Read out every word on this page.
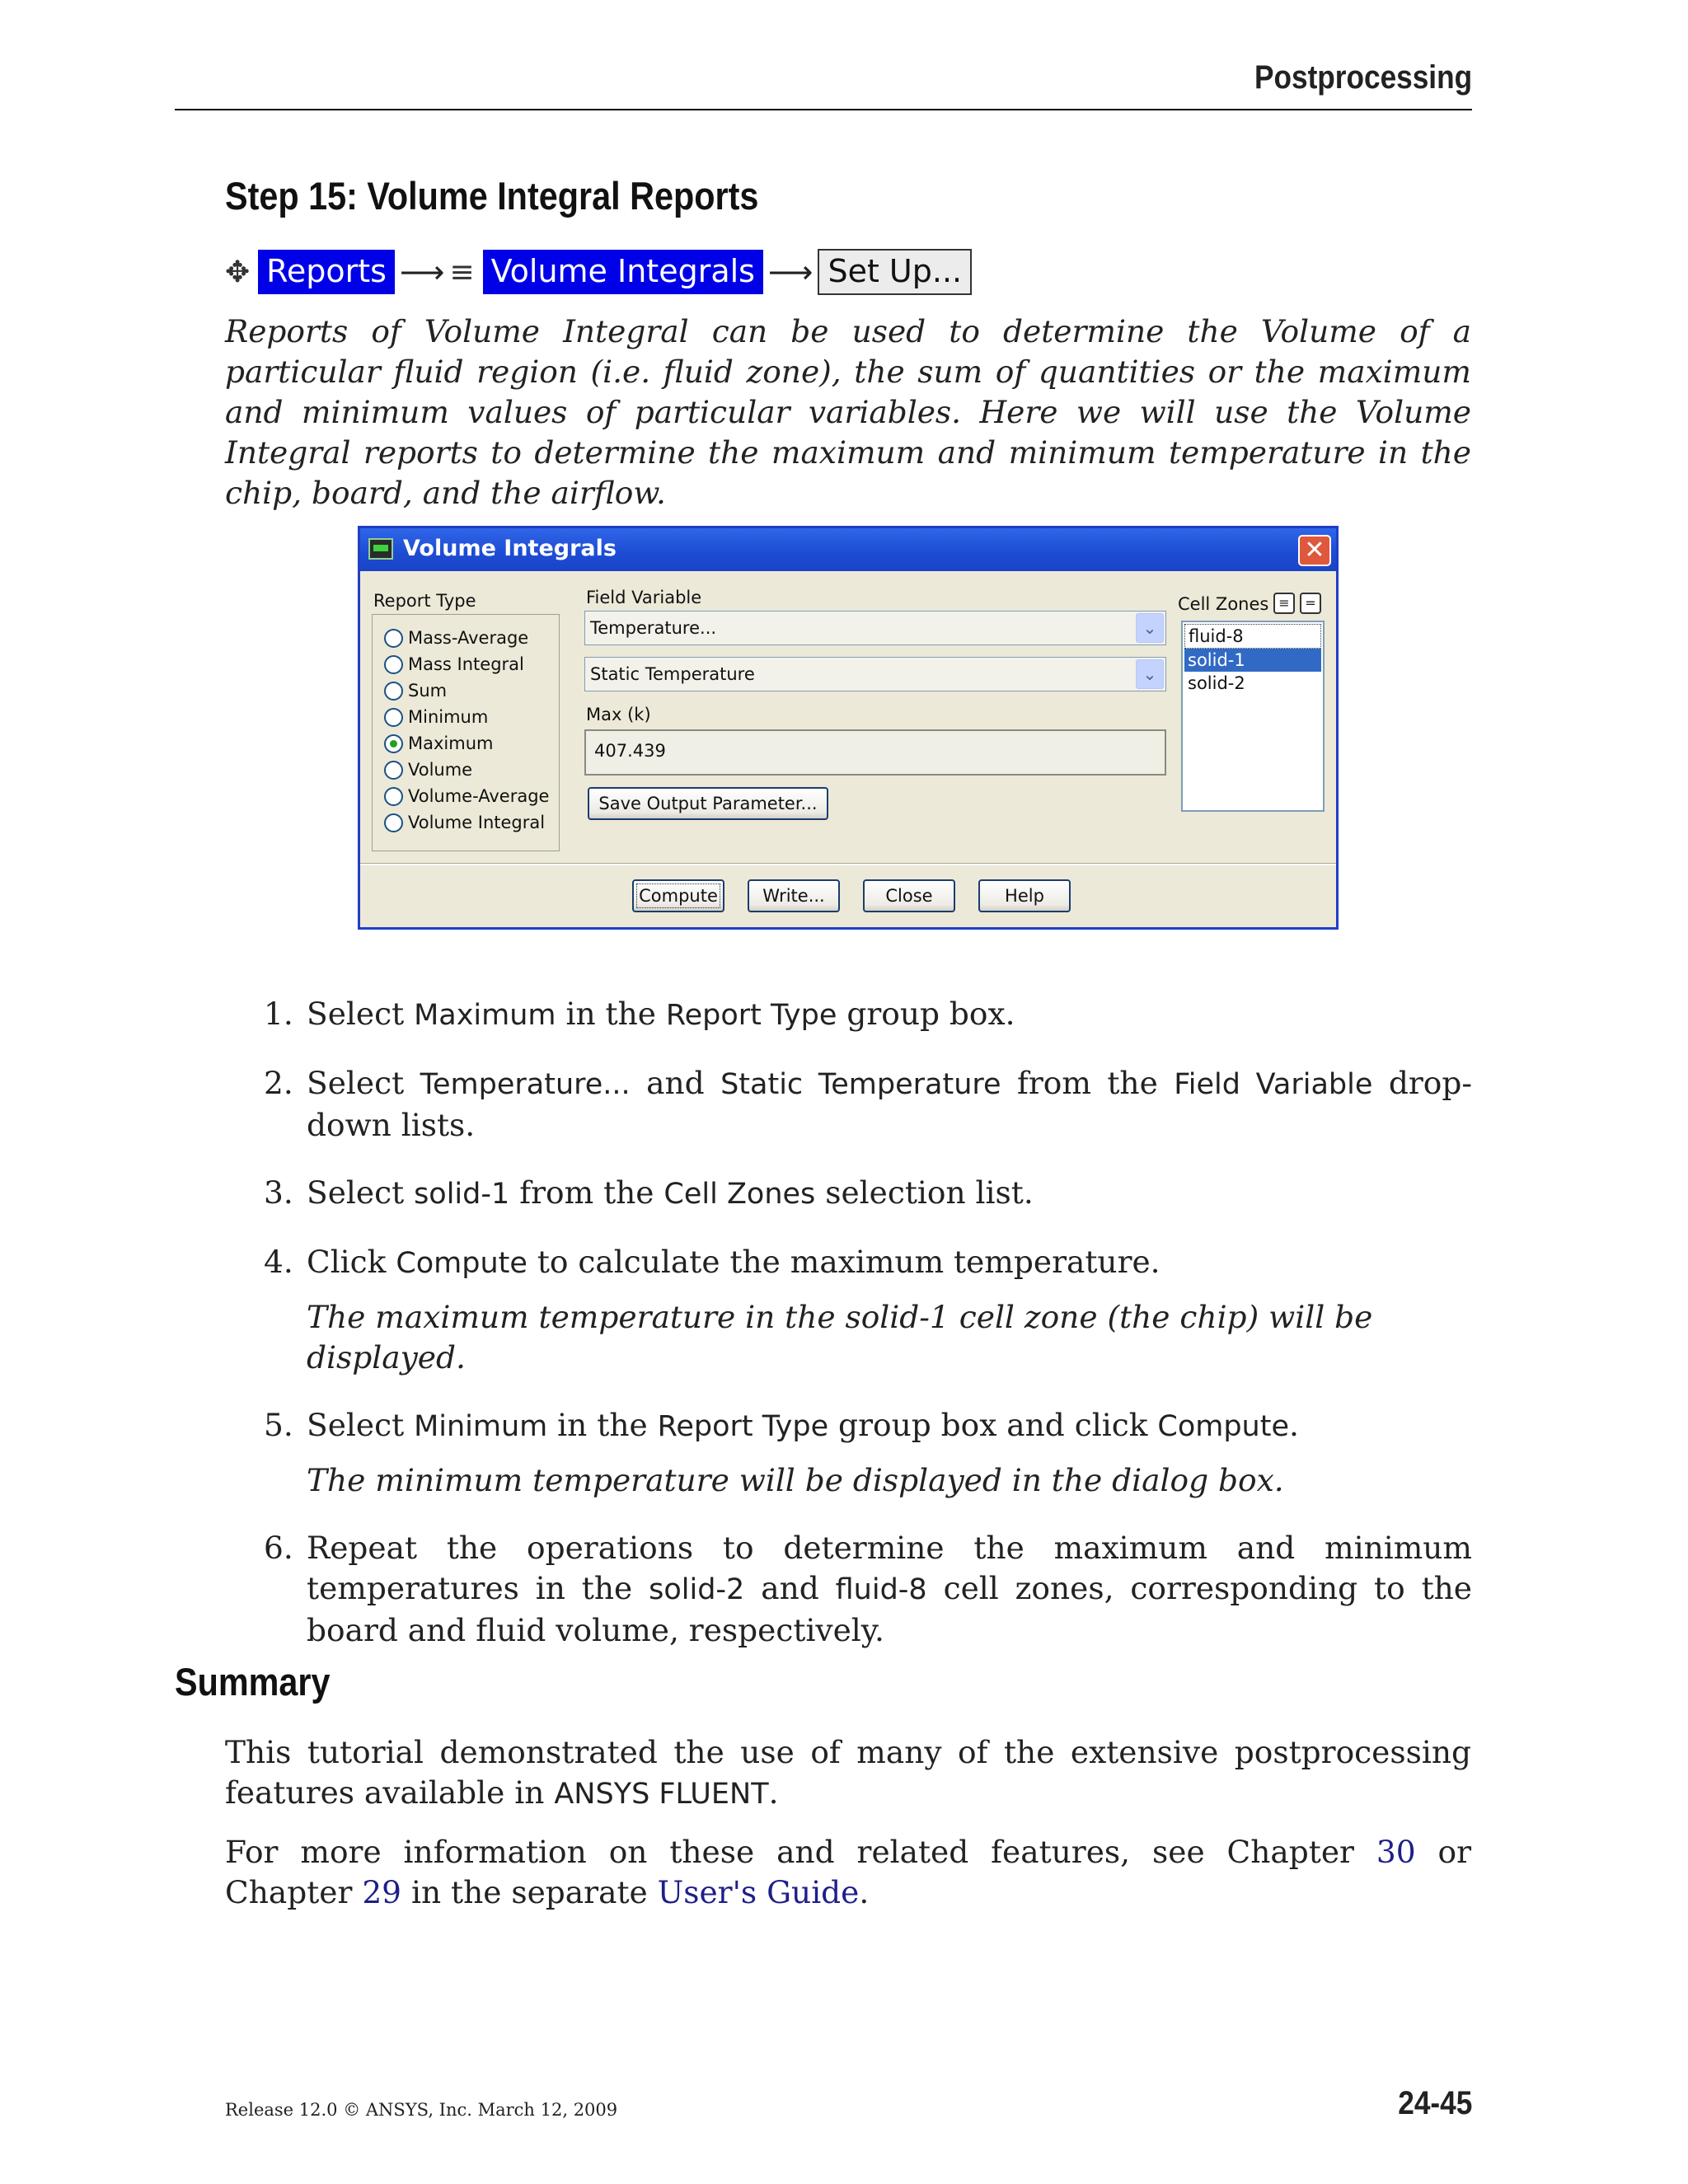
Postprocessing
Step 15: Volume Integral Reports
✥ Reports ⟶ ≡ Volume Integrals ⟶ Set Up...
Reports of Volume Integral can be used to determine the Volume of a particular fluid region (i.e. fluid zone), the sum of quantities or the maximum and minimum values of particular variables. Here we will use the Volume Integral reports to determine the maximum and minimum temperature in the chip, board, and the airflow.
Volume Integrals	✕
Report Type
Mass-Average
Mass Integral
Sum
Minimum
Maximum
Volume
Volume-Average
Volume Integral
Field Variable
Temperature...	⌄
Static Temperature	⌄
Max (k)
407.439
Save Output Parameter...
Cell Zones ≡	=
fluid-8
solid-1
solid-2
Compute	Write...	Close	Help
1. Select Maximum in the Report Type group box.
2. Select Temperature... and Static Temperature from the Field Variable drop-down lists.
3. Select solid-1 from the Cell Zones selection list.
4. Click Compute to calculate the maximum temperature.
The maximum temperature in the solid-1 cell zone (the chip) will be displayed.
5. Select Minimum in the Report Type group box and click Compute.
The minimum temperature will be displayed in the dialog box.
6. Repeat the operations to determine the maximum and minimum temperatures in the solid-2 and fluid-8 cell zones, corresponding to the board and fluid volume, respectively.
Summary
This tutorial demonstrated the use of many of the extensive postprocessing features available in ANSYS FLUENT.
For more information on these and related features, see Chapter 30 or Chapter 29 in the separate User's Guide.
Release 12.0 © ANSYS, Inc. March 12, 2009	24-45
